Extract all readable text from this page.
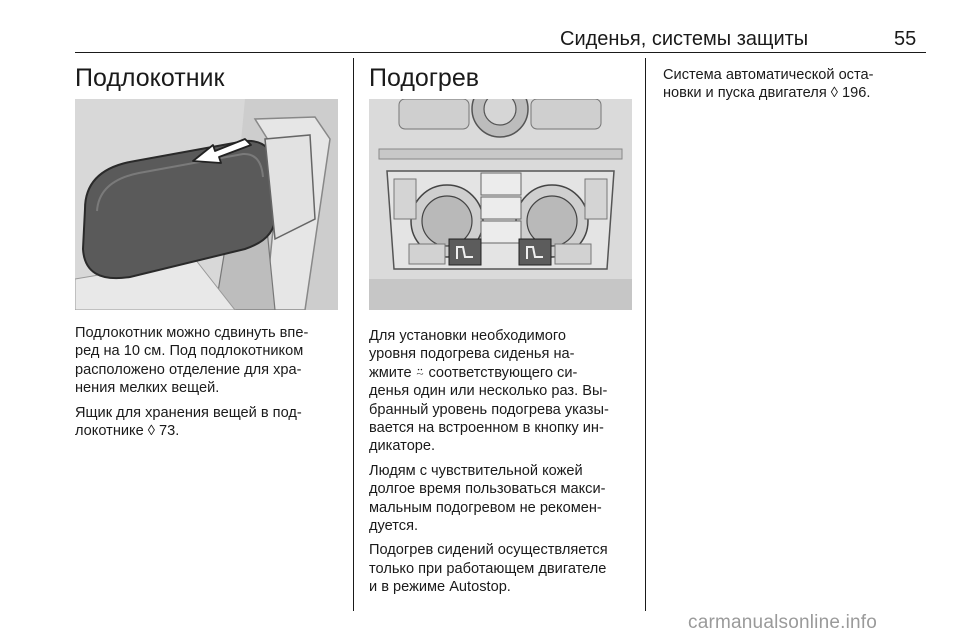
Сиденья, системы защиты	55
Подлокотник

Подлокотник можно сдвинуть впе-
ред на 10 см. Под подлокотником
расположено отделение для хра-
нения мелких вещей.

Ящик для хранения вещей в под-
локотнике ◊ 73.

Подогрев

Для установки необходимого
уровня подогрева сиденья на-
жмите ⍨ соответствующего си-
денья один или несколько раз. Вы-
бранный уровень подогрева указы-
вается на встроенном в кнопку ин-
дикаторе.

Людям с чувствительной кожей
долгое время пользоваться макси-
мальным подогревом не рекомен-
дуется.

Подогрев сидений осуществляется
только при работающем двигателе
и в режиме Autostop.

Система автоматической оста-
новки и пуска двигателя ◊ 196.

carmanualsonline.info
